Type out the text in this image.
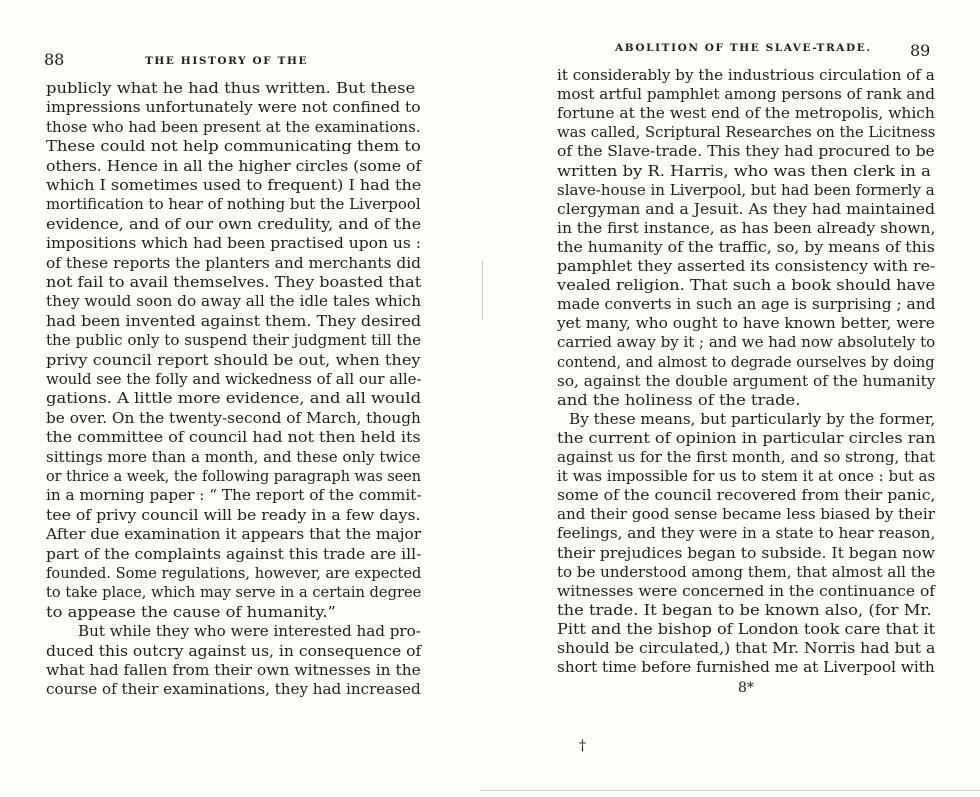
88	THE HISTORY OF THE
publicly what he had thus written. But these
impressions unfortunately were not confined to
those who had been present at the examinations.
These could not help communicating them to
others. Hence in all the higher circles (some of
which I sometimes used to frequent) I had the
mortification to hear of nothing but the Liverpool
evidence, and of our own credulity, and of the
impositions which had been practised upon us :
of these reports the planters and merchants did
not fail to avail themselves. They boasted that
they would soon do away all the idle tales which
had been invented against them. They desired
the public only to suspend their judgment till the
privy council report should be out, when they
would see the folly and wickedness of all our alle-
gations. A little more evidence, and all would
be over. On the twenty-second of March, though
the committee of council had not then held its
sittings more than a month, and these only twice
or thrice a week, the following paragraph was seen
in a morning paper : “ The report of the commit-
tee of privy council will be ready in a few days.
After due examination it appears that the major
part of the complaints against this trade are ill-
founded. Some regulations, however, are expected
to take place, which may serve in a certain degree
to appease the cause of humanity.”
But while they who were interested had pro-
duced this outcry against us, in consequence of
what had fallen from their own witnesses in the
course of their examinations, they had increased
89
ABOLITION OF THE SLAVE-TRADE.
it considerably by the industrious circulation of a
most artful pamphlet among persons of rank and
fortune at the west end of the metropolis, which
was called, Scriptural Researches on the Licitness
of the Slave-trade. This they had procured to be
written by R. Harris, who was then clerk in a
slave-house in Liverpool, but had been formerly a
clergyman and a Jesuit. As they had maintained
in the first instance, as has been already shown,
the humanity of the traffic, so, by means of this
pamphlet they asserted its consistency with re-
vealed religion. That such a book should have
made converts in such an age is surprising ; and
yet many, who ought to have known better, were
carried away by it ; and we had now absolutely to
contend, and almost to degrade ourselves by doing
so, against the double argument of the humanity
and the holiness of the trade.
By these means, but particularly by the former,
the current of opinion in particular circles ran
against us for the first month, and so strong, that
it was impossible for us to stem it at once : but as
some of the council recovered from their panic,
and their good sense became less biased by their
feelings, and they were in a state to hear reason,
their prejudices began to subside. It began now
to be understood among them, that almost all the
witnesses were concerned in the continuance of
the trade. It began to be known also, (for Mr.
Pitt and the bishop of London took care that it
should be circulated,) that Mr. Norris had but a
short time before furnished me at Liverpool with
8*
†
